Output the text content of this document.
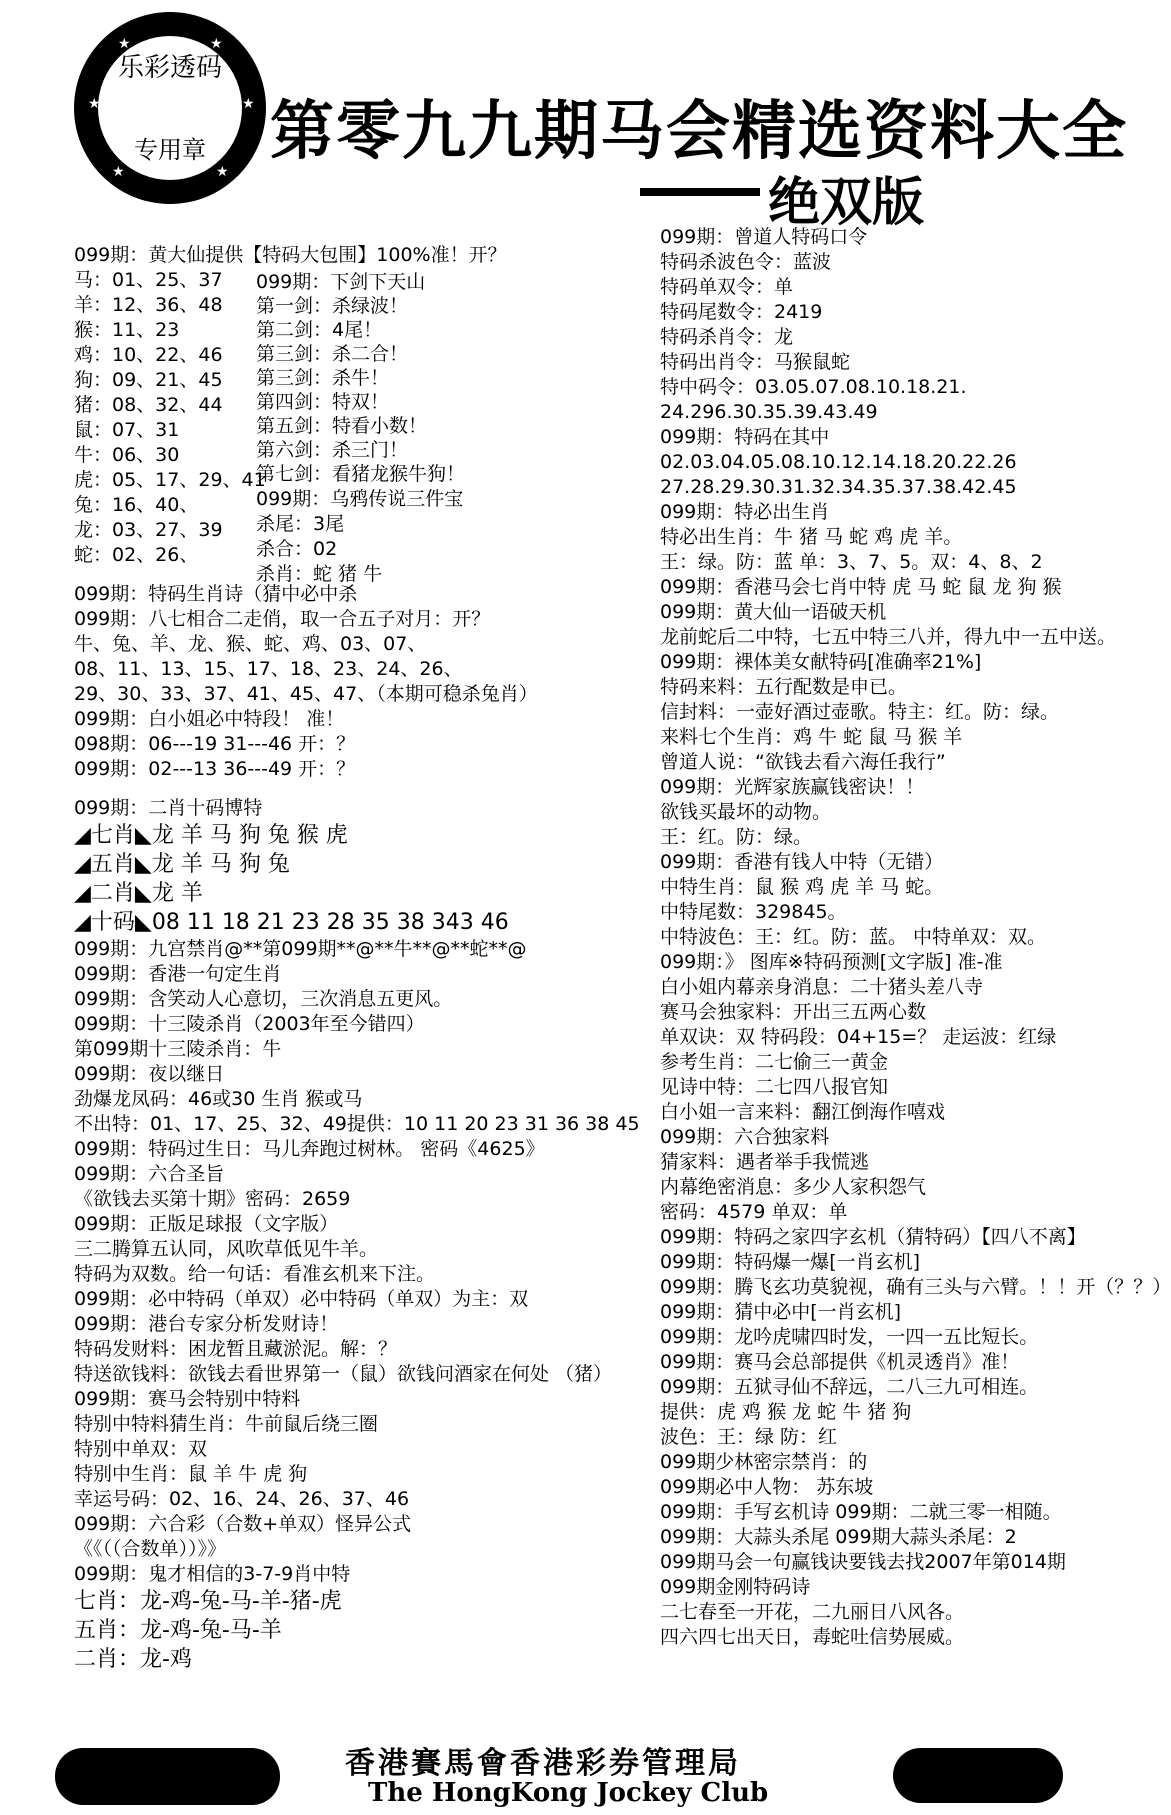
★	★
★	★
★	★
乐彩透码
专用章 第零九九期马会精选资料大全
绝双版
099期：黄大仙提供【特码大包围】100%准！开？
马：01、25、37
羊：12、36、48
猴：11、23
鸡：10、22、46
狗：09、21、45
猪：08、32、44
鼠：07、31
牛：06、30
虎：05、17、29、41
兔：16、40、
龙：03、27、39
蛇：02、26、
099期：特码生肖诗（猜中必中杀
099期：八七相合二走俏，取一合五子对月：开？
牛、兔、羊、龙、猴、蛇、鸡、03、07、
08、11、13、15、17、18、23、24、26、
29、30、33、37、41、45、47、（本期可稳杀兔肖）
099期：白小姐必中特段！ 准！
098期：06---19 31---46 开：？
099期：02---13 36---49 开：？
099期：二肖十码博特
◢七肖◣龙 羊 马 狗 兔 猴 虎
◢五肖◣龙 羊 马 狗 兔
◢二肖◣龙 羊
◢十码◣08 11 18 21 23 28 35 38 343 46
099期：九宫禁肖@**第099期**@**牛**@**蛇**@
099期：香港一句定生肖
099期：含笑动人心意切，三次消息五更风。
099期：十三陵杀肖（2003年至今错四）
第099期十三陵杀肖：牛
099期：夜以继日
劲爆龙凤码：46或30 生肖 猴或马
不出特：01、17、25、32、49提供：10 11 20 23 31 36 38 45
099期：特码过生日：马儿奔跑过树林。 密码《4625》
099期：六合圣旨
《欲钱去买第十期》密码：2659
099期：正版足球报（文字版）
三二腾算五认同，风吹草低见牛羊。
特码为双数。给一句话：看准玄机来下注。
099期：必中特码（单双）必中特码（单双）为主：双
099期：港台专家分析发财诗！
特码发财料：困龙暂且藏淤泥。解：？
特送欲钱料：欲钱去看世界第一（鼠）欲钱问酒家在何处 （猪）
099期：赛马会特别中特料
特别中特料猜生肖：牛前鼠后绕三圈
特别中单双：双
特别中生肖：鼠 羊 牛 虎 狗
幸运号码：02、16、24、26、37、46
099期：六合彩（合数+单双）怪异公式
《《（（合数单））》》
099期：鬼才相信的3-7-9肖中特
七肖：龙-鸡-兔-马-羊-猪-虎
五肖：龙-鸡-兔-马-羊
二肖：龙-鸡
099期：下剑下天山
第一剑：杀绿波！
第二剑：4尾！
第三剑：杀二合！
第三剑：杀牛！
第四剑：特双！
第五剑：特看小数！
第六剑：杀三门！
第七剑：看猪龙猴牛狗！
099期：乌鸦传说三件宝
杀尾：3尾
杀合：02
杀肖：蛇 猪 牛
099期：曾道人特码口令
特码杀波色令：蓝波
特码单双令：单
特码尾数令：2419
特码杀肖令：龙
特码出肖令：马猴鼠蛇
特中码令：03.05.07.08.10.18.21.
24.296.30.35.39.43.49
099期：特码在其中
02.03.04.05.08.10.12.14.18.20.22.26
27.28.29.30.31.32.34.35.37.38.42.45
099期：特必出生肖
特必出生肖：牛 猪 马 蛇 鸡 虎 羊。
王：绿。防：蓝 单：3、7、5。双：4、8、2
099期：香港马会七肖中特 虎 马 蛇 鼠 龙 狗 猴
099期：黄大仙一语破天机
龙前蛇后二中特，七五中特三八并，得九中一五中送。
099期：裸体美女献特码[准确率21%]
特码来料：五行配数是申已。
信封料：一壶好酒过壶歌。特主：红。防：绿。
来料七个生肖：鸡 牛 蛇 鼠 马 猴 羊
曾道人说：“欲钱去看六海任我行”
099期：光辉家族赢钱密诀！！
欲钱买最坏的动物。
王：红。防：绿。
099期：香港有钱人中特（无错）
中特生肖：鼠 猴 鸡 虎 羊 马 蛇。
中特尾数：329845。
中特波色：王：红。防：蓝。 中特单双：双。
099期：》 图库※特码预测[文字版] 准-准
白小姐内幕亲身消息：二十猪头差八寺
赛马会独家料：开出三五两心数
单双诀：双 特码段：04+15=？ 走运波：红绿
参考生肖：二七偷三一黄金
见诗中特：二七四八报官知
白小姐一言来料：翻江倒海作嘻戏
099期：六合独家料
猜家料：遇者举手我慌逃
内幕绝密消息：多少人家积怨气
密码：4579 单双：单
099期：特码之家四字玄机（猜特码）【四八不离】
099期：特码爆一爆[一肖玄机]
099期：腾飞玄功莫貌视，确有三头与六臂。！！开（？？）
099期：猜中必中[一肖玄机]
099期：龙吟虎啸四时发，一四一五比短长。
099期：赛马会总部提供《机灵透肖》准！
099期：五狱寻仙不辞远，二八三九可相连。
提供：虎 鸡 猴 龙 蛇 牛 猪 狗
波色：王：绿 防：红
099期少林密宗禁肖：的
099期必中人物： 苏东坡
099期：手写玄机诗 099期：二就三零一相随。
099期：大蒜头杀尾 099期大蒜头杀尾：2
099期马会一句赢钱诀要钱去找2007年第014期
099期金刚特码诗
二七春至一开花，二九丽日八风各。
四六四七出天日，毒蛇吐信势展威。
香港賽馬會香港彩券管理局
The HongKong Jockey Club
